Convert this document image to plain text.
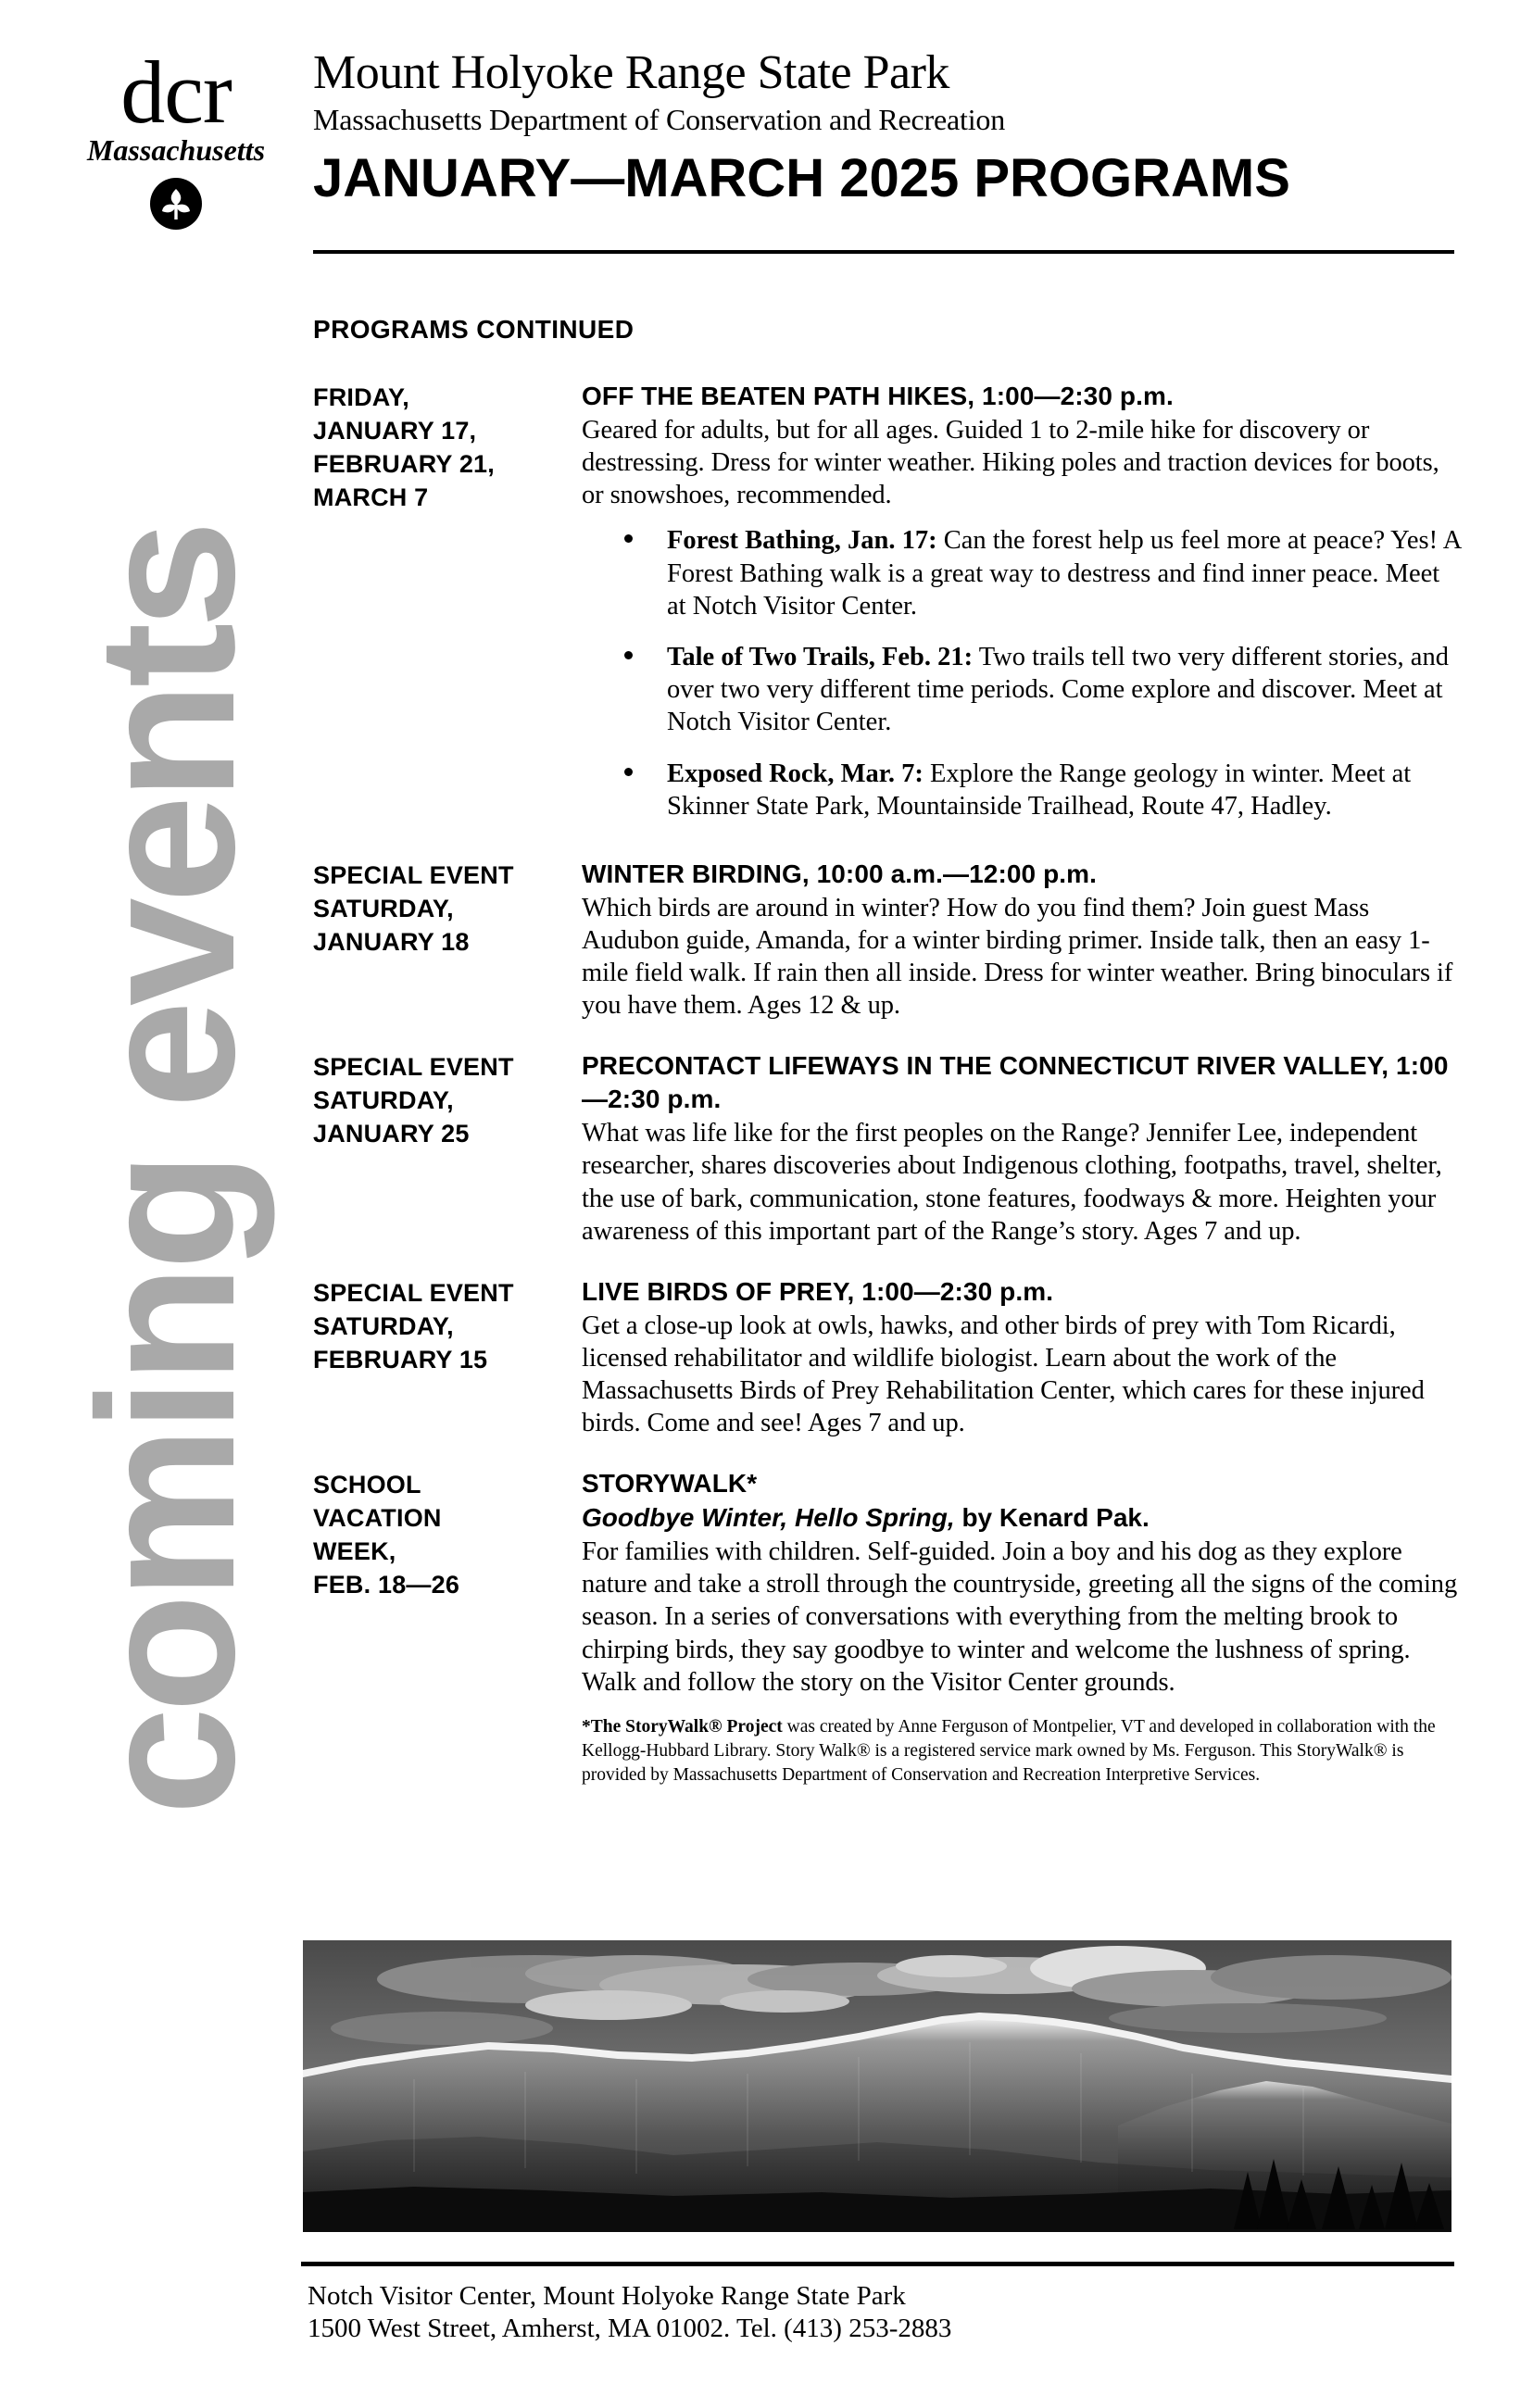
coming events
dcr
Massachusetts
Mount Holyoke Range State Park
Massachusetts Department of Conservation and Recreation
JANUARY—MARCH 2025 PROGRAMS
PROGRAMS CONTINUED
FRIDAY,
JANUARY 17,
FEBRUARY 21,
MARCH 7
OFF THE BEATEN PATH HIKES, 1:00—2:30 p.m.
Geared for adults, but for all ages. Guided 1 to 2-mile hike for discovery or destressing. Dress for winter weather. Hiking poles and traction devices for boots, or snowshoes, recommended.
Forest Bathing, Jan. 17: Can the forest help us feel more at peace? Yes! A Forest Bathing walk is a great way to destress and find inner peace. Meet at Notch Visitor Center.
Tale of Two Trails, Feb. 21: Two trails tell two very different stories, and over two very different time periods. Come explore and discover. Meet at Notch Visitor Center.
Exposed Rock, Mar. 7: Explore the Range geology in winter. Meet at Skinner State Park, Mountainside Trailhead, Route 47, Hadley.
SPECIAL EVENT
SATURDAY,
JANUARY 18
WINTER BIRDING, 10:00 a.m.—12:00 p.m.
Which birds are around in winter? How do you find them? Join guest Mass Audubon guide, Amanda, for a winter birding primer. Inside talk, then an easy 1-mile field walk. If rain then all inside. Dress for winter weather. Bring binoculars if you have them. Ages 12 & up.
SPECIAL EVENT
SATURDAY,
JANUARY 25
PRECONTACT LIFEWAYS IN THE CONNECTICUT RIVER VALLEY, 1:00—2:30 p.m.
What was life like for the first peoples on the Range? Jennifer Lee, independent researcher, shares discoveries about Indigenous clothing, footpaths, travel, shelter, the use of bark, communication, stone features, foodways & more. Heighten your awareness of this important part of the Range’s story. Ages 7 and up.
SPECIAL EVENT
SATURDAY,
FEBRUARY 15
LIVE BIRDS OF PREY, 1:00—2:30 p.m.
Get a close-up look at owls, hawks, and other birds of prey with Tom Ricardi, licensed rehabilitator and wildlife biologist. Learn about the work of the Massachusetts Birds of Prey Rehabilitation Center, which cares for these injured birds. Come and see! Ages 7 and up.
SCHOOL
VACATION
WEEK,
FEB. 18—26
STORYWALK*
Goodbye Winter, Hello Spring, by Kenard Pak.
For families with children. Self-guided. Join a boy and his dog as they explore nature and take a stroll through the countryside, greeting all the signs of the coming season. In a series of conversations with everything from the melting brook to chirping birds, they say goodbye to winter and welcome the lushness of spring. Walk and follow the story on the Visitor Center grounds.
*The StoryWalk® Project was created by Anne Ferguson of Montpelier, VT and developed in collaboration with the Kellogg-Hubbard Library. Story Walk® is a registered service mark owned by Ms. Ferguson. This StoryWalk® is provided by Massachusetts Department of Conservation and Recreation Interpretive Services.
Notch Visitor Center, Mount Holyoke Range State Park
1500 West Street, Amherst, MA 01002. Tel. (413) 253-2883
